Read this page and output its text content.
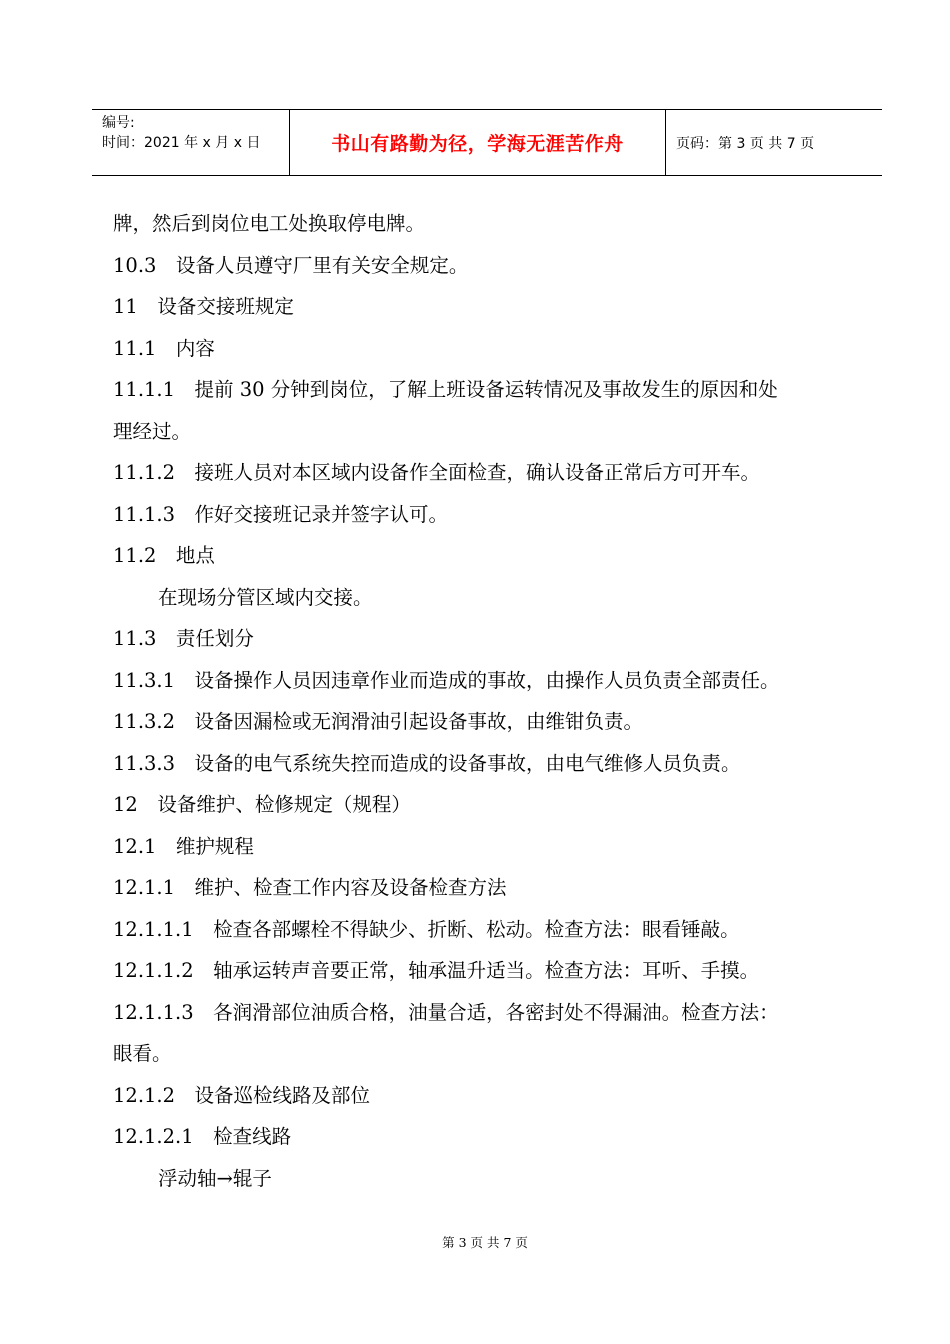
编号:
时间：2021 年 x 月 x 日	书山有路勤为径，学海无涯苦作舟	页码：第 3 页 共 7 页
牌，然后到岗位电工处换取停电牌。
10.3　设备人员遵守厂里有关安全规定。
11　设备交接班规定
11.1　内容
11.1.1　提前 30 分钟到岗位，了解上班设备运转情况及事故发生的原因和处
理经过。
11.1.2　接班人员对本区域内设备作全面检查，确认设备正常后方可开车。
11.1.3　作好交接班记录并签字认可。
11.2　地点
在现场分管区域内交接。
11.3　责任划分
11.3.1　设备操作人员因违章作业而造成的事故，由操作人员负责全部责任。
11.3.2　设备因漏检或无润滑油引起设备事故，由维钳负责。
11.3.3　设备的电气系统失控而造成的设备事故，由电气维修人员负责。
12　设备维护、检修规定（规程）
12.1　维护规程
12.1.1　维护、检查工作内容及设备检查方法
12.1.1.1　检查各部螺栓不得缺少、折断、松动。检查方法：眼看锤敲。
12.1.1.2　轴承运转声音要正常，轴承温升适当。检查方法：耳听、手摸。
12.1.1.3　各润滑部位油质合格，油量合适，各密封处不得漏油。检查方法：
眼看。
12.1.2　设备巡检线路及部位
12.1.2.1　检查线路
浮动轴→辊子
第 3 页 共 7 页
